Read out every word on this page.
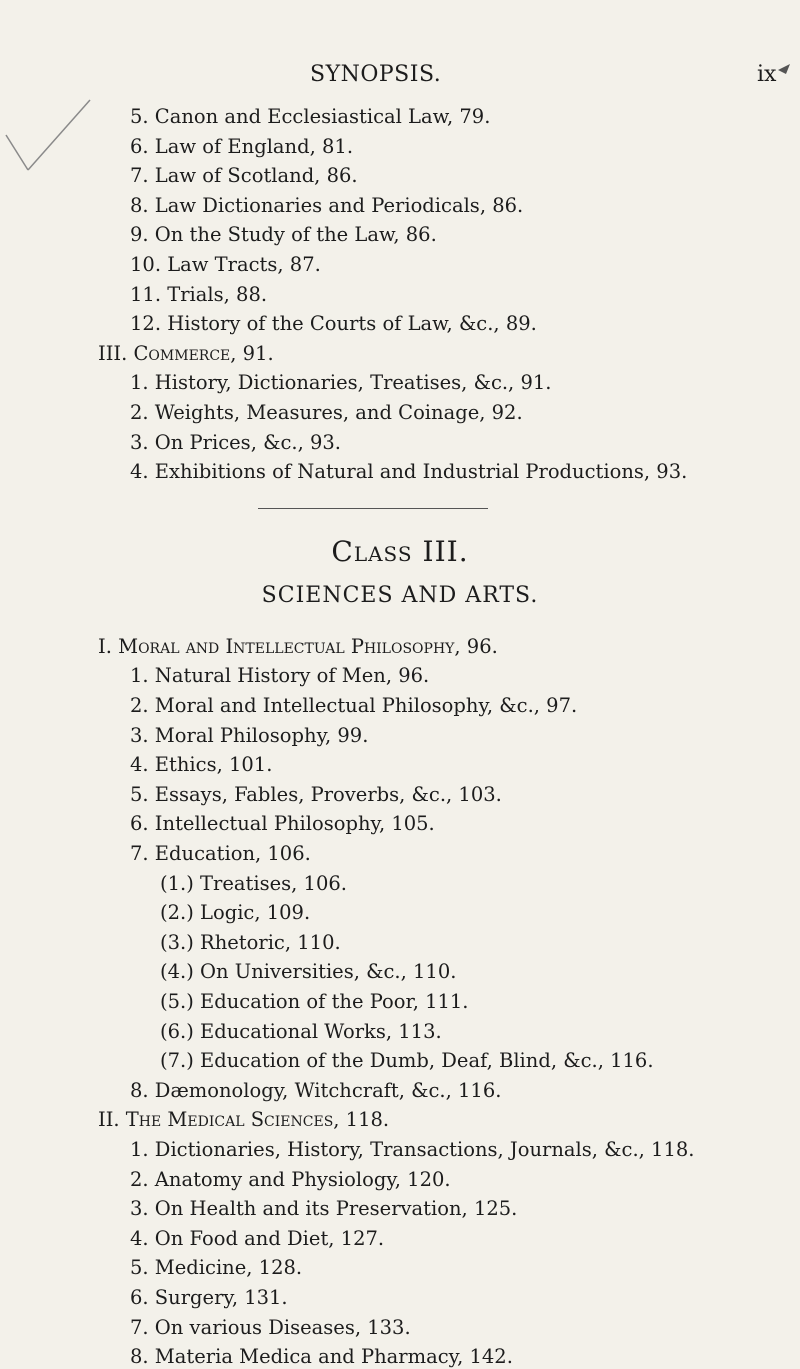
SYNOPSIS.	ix
5. Canon and Ecclesiastical Law, 79.
6. Law of England, 81.
7. Law of Scotland, 86.
8. Law Dictionaries and Periodicals, 86.
9. On the Study of the Law, 86.
10. Law Tracts, 87.
11. Trials, 88.
12. History of the Courts of Law, &c., 89.
III. Commerce, 91.
1. History, Dictionaries, Treatises, &c., 91.
2. Weights, Measures, and Coinage, 92.
3. On Prices, &c., 93.
4. Exhibitions of Natural and Industrial Productions, 93.
Class III.
SCIENCES AND ARTS.
I. Moral and Intellectual Philosophy, 96.
1. Natural History of Men, 96.
2. Moral and Intellectual Philosophy, &c., 97.
3. Moral Philosophy, 99.
4. Ethics, 101.
5. Essays, Fables, Proverbs, &c., 103.
6. Intellectual Philosophy, 105.
7. Education, 106.
(1.) Treatises, 106.
(2.) Logic, 109.
(3.) Rhetoric, 110.
(4.) On Universities, &c., 110.
(5.) Education of the Poor, 111.
(6.) Educational Works, 113.
(7.) Education of the Dumb, Deaf, Blind, &c., 116.
8. Dæmonology, Witchcraft, &c., 116.
II. The Medical Sciences, 118.
1. Dictionaries, History, Transactions, Journals, &c., 118.
2. Anatomy and Physiology, 120.
3. On Health and its Preservation, 125.
4. On Food and Diet, 127.
5. Medicine, 128.
6. Surgery, 131.
7. On various Diseases, 133.
8. Materia Medica and Pharmacy, 142.
